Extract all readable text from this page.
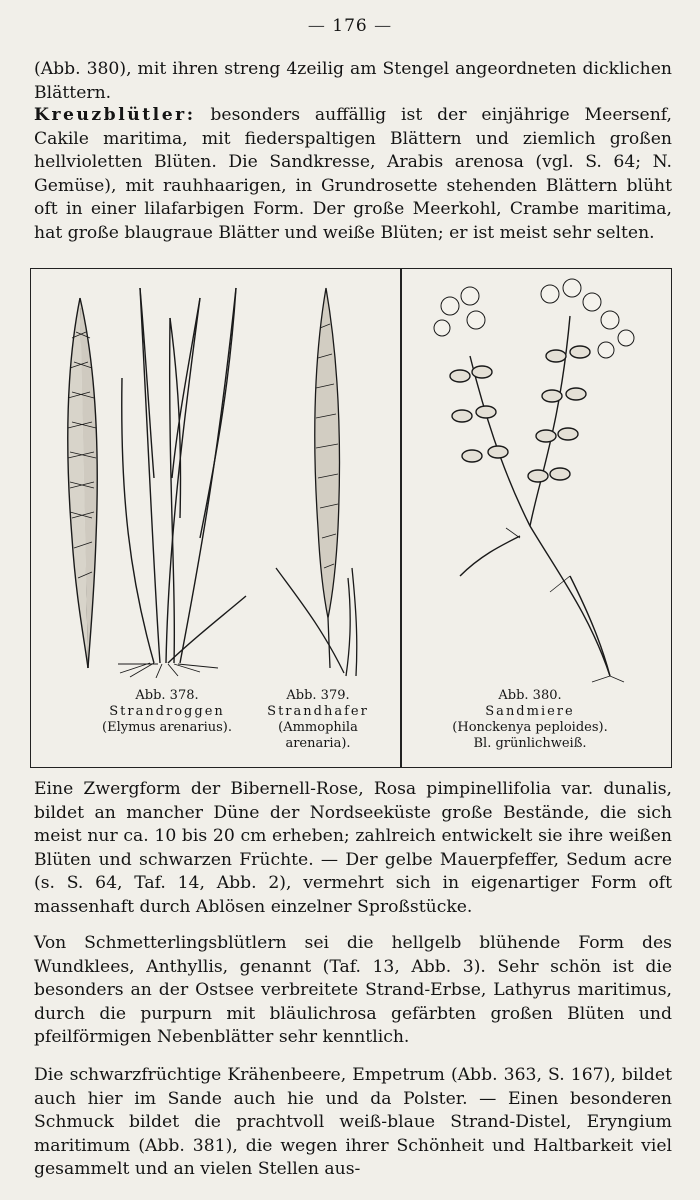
— 176 —

(Abb. 380), mit ihren streng 4zeilig am Stengel angeordneten dicklichen Blättern.

Kreuzblütler: besonders auffällig ist der einjährige Meersenf, Cakile maritima, mit fiederspaltigen Blättern und ziemlich großen hellvioletten Blüten. Die Sandkresse, Arabis arenosa (vgl. S. 64; N. Gemüse), mit rauhhaarigen, in Grundrosette stehenden Blättern blüht oft in einer lilafarbigen Form. Der große Meerkohl, Crambe maritima, hat große blaugraue Blätter und weiße Blüten; er ist meist sehr selten.

Abb. 378.
Strandroggen
(Elymus arenarius).
Abb. 379.
Strandhafer
(Ammophila arenaria).
Abb. 380.
Sandmiere
(Honckenya peploides).
Bl. grünlichweiß.

Eine Zwergform der Bibernell-Rose, Rosa pimpinellifolia var. dunalis, bildet an mancher Düne der Nordseeküste große Bestände, die sich meist nur ca. 10 bis 20 cm erheben; zahlreich entwickelt sie ihre weißen Blüten und schwarzen Früchte. — Der gelbe Mauerpfeffer, Sedum acre (s. S. 64, Taf. 14, Abb. 2), vermehrt sich in eigenartiger Form oft massenhaft durch Ablösen einzelner Sproßstücke.

Von Schmetterlingsblütlern sei die hellgelb blühende Form des Wundklees, Anthyllis, genannt (Taf. 13, Abb. 3). Sehr schön ist die besonders an der Ostsee verbreitete Strand-Erbse, Lathyrus maritimus, durch die purpurn mit bläulichrosa gefärbten großen Blüten und pfeilförmigen Nebenblätter sehr kenntlich.

Die schwarzfrüchtige Krähenbeere, Empetrum (Abb. 363, S. 167), bildet auch hier im Sande auch hie und da Polster. — Einen besonderen Schmuck bildet die prachtvoll weiß-blaue Strand-Distel, Eryngium maritimum (Abb. 381), die wegen ihrer Schönheit und Haltbarkeit viel gesammelt und an vielen Stellen aus-
